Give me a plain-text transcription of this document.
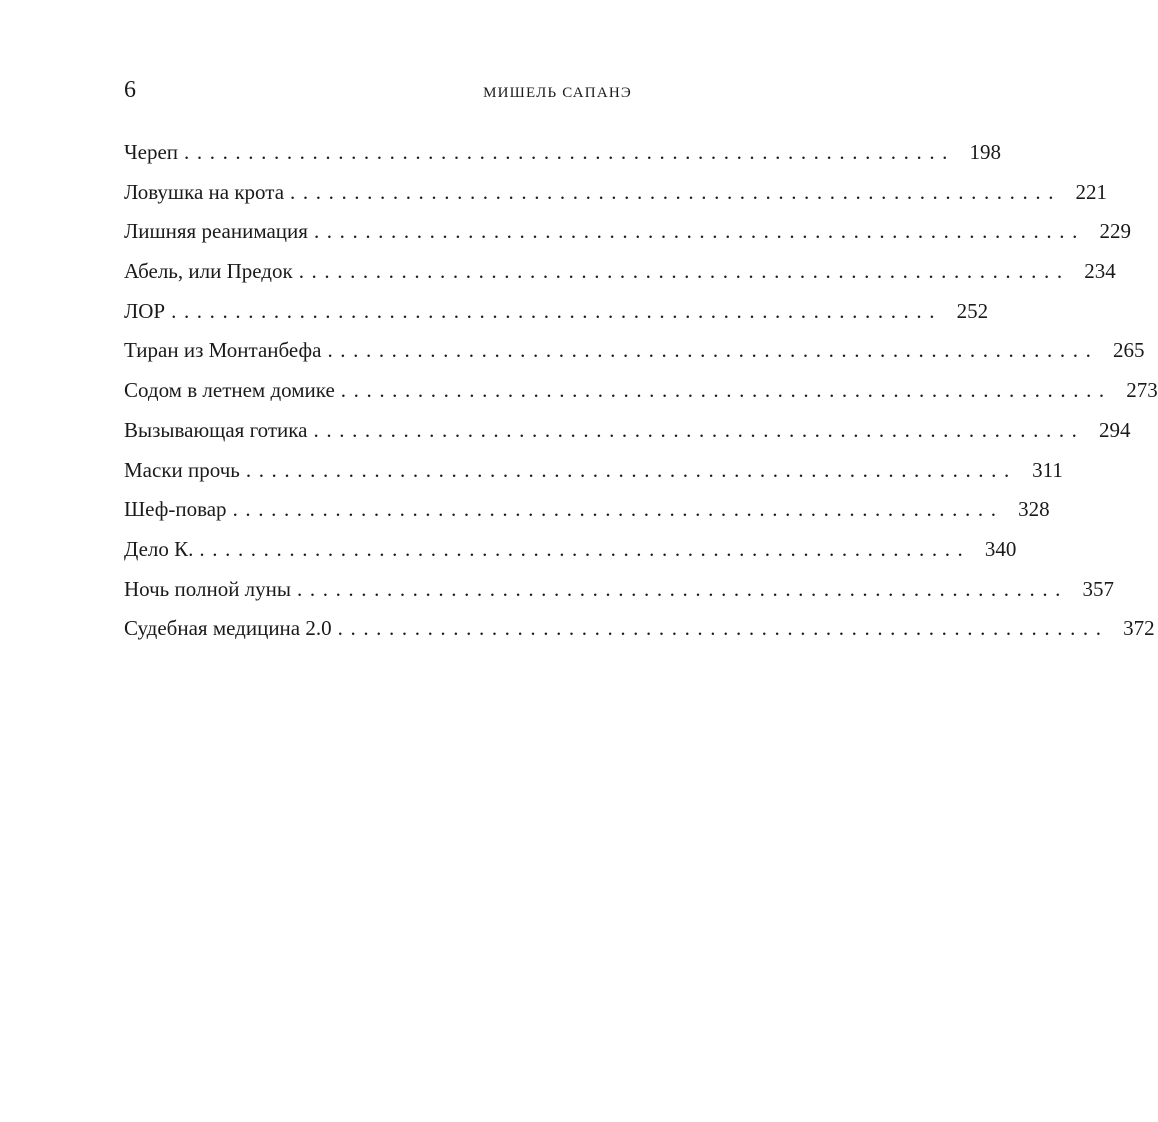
6	МИШЕЛЬ САПАНЭ
Череп ............................................................ 198
Ловушка на крота ............................................................ 221
Лишняя реанимация ............................................................ 229
Абель, или Предок ............................................................ 234
ЛОР ............................................................ 252
Тиран из Монтанбефа ............................................................ 265
Содом в летнем домике ............................................................ 273
Вызывающая готика ............................................................ 294
Маски прочь ............................................................ 311
Шеф-повар ............................................................ 328
Дело К. ............................................................ 340
Ночь полной луны ............................................................ 357
Судебная медицина 2.0 ............................................................ 372
